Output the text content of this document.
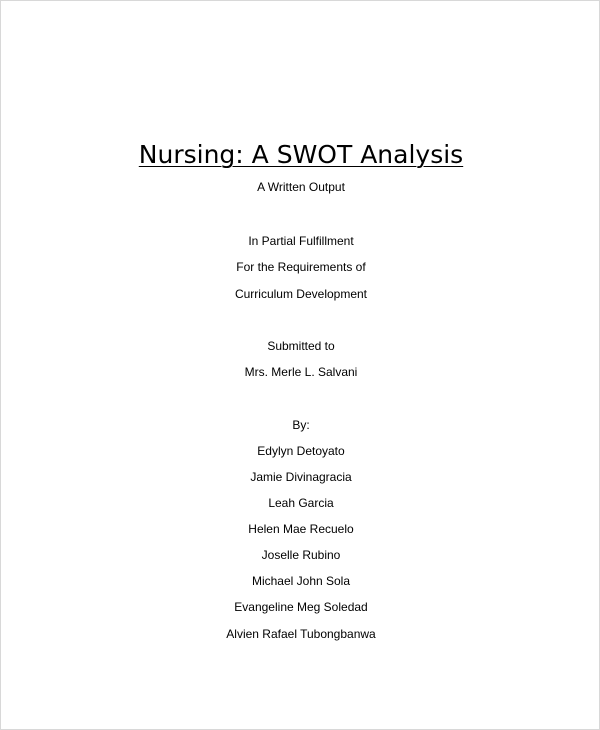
Nursing: A SWOT Analysis
A Written Output
In Partial Fulfillment
For the Requirements of
Curriculum Development
Submitted to
Mrs. Merle L. Salvani
By:
Edylyn Detoyato
Jamie Divinagracia
Leah Garcia
Helen Mae Recuelo
Joselle Rubino
Michael John Sola
Evangeline Meg Soledad
Alvien Rafael Tubongbanwa
